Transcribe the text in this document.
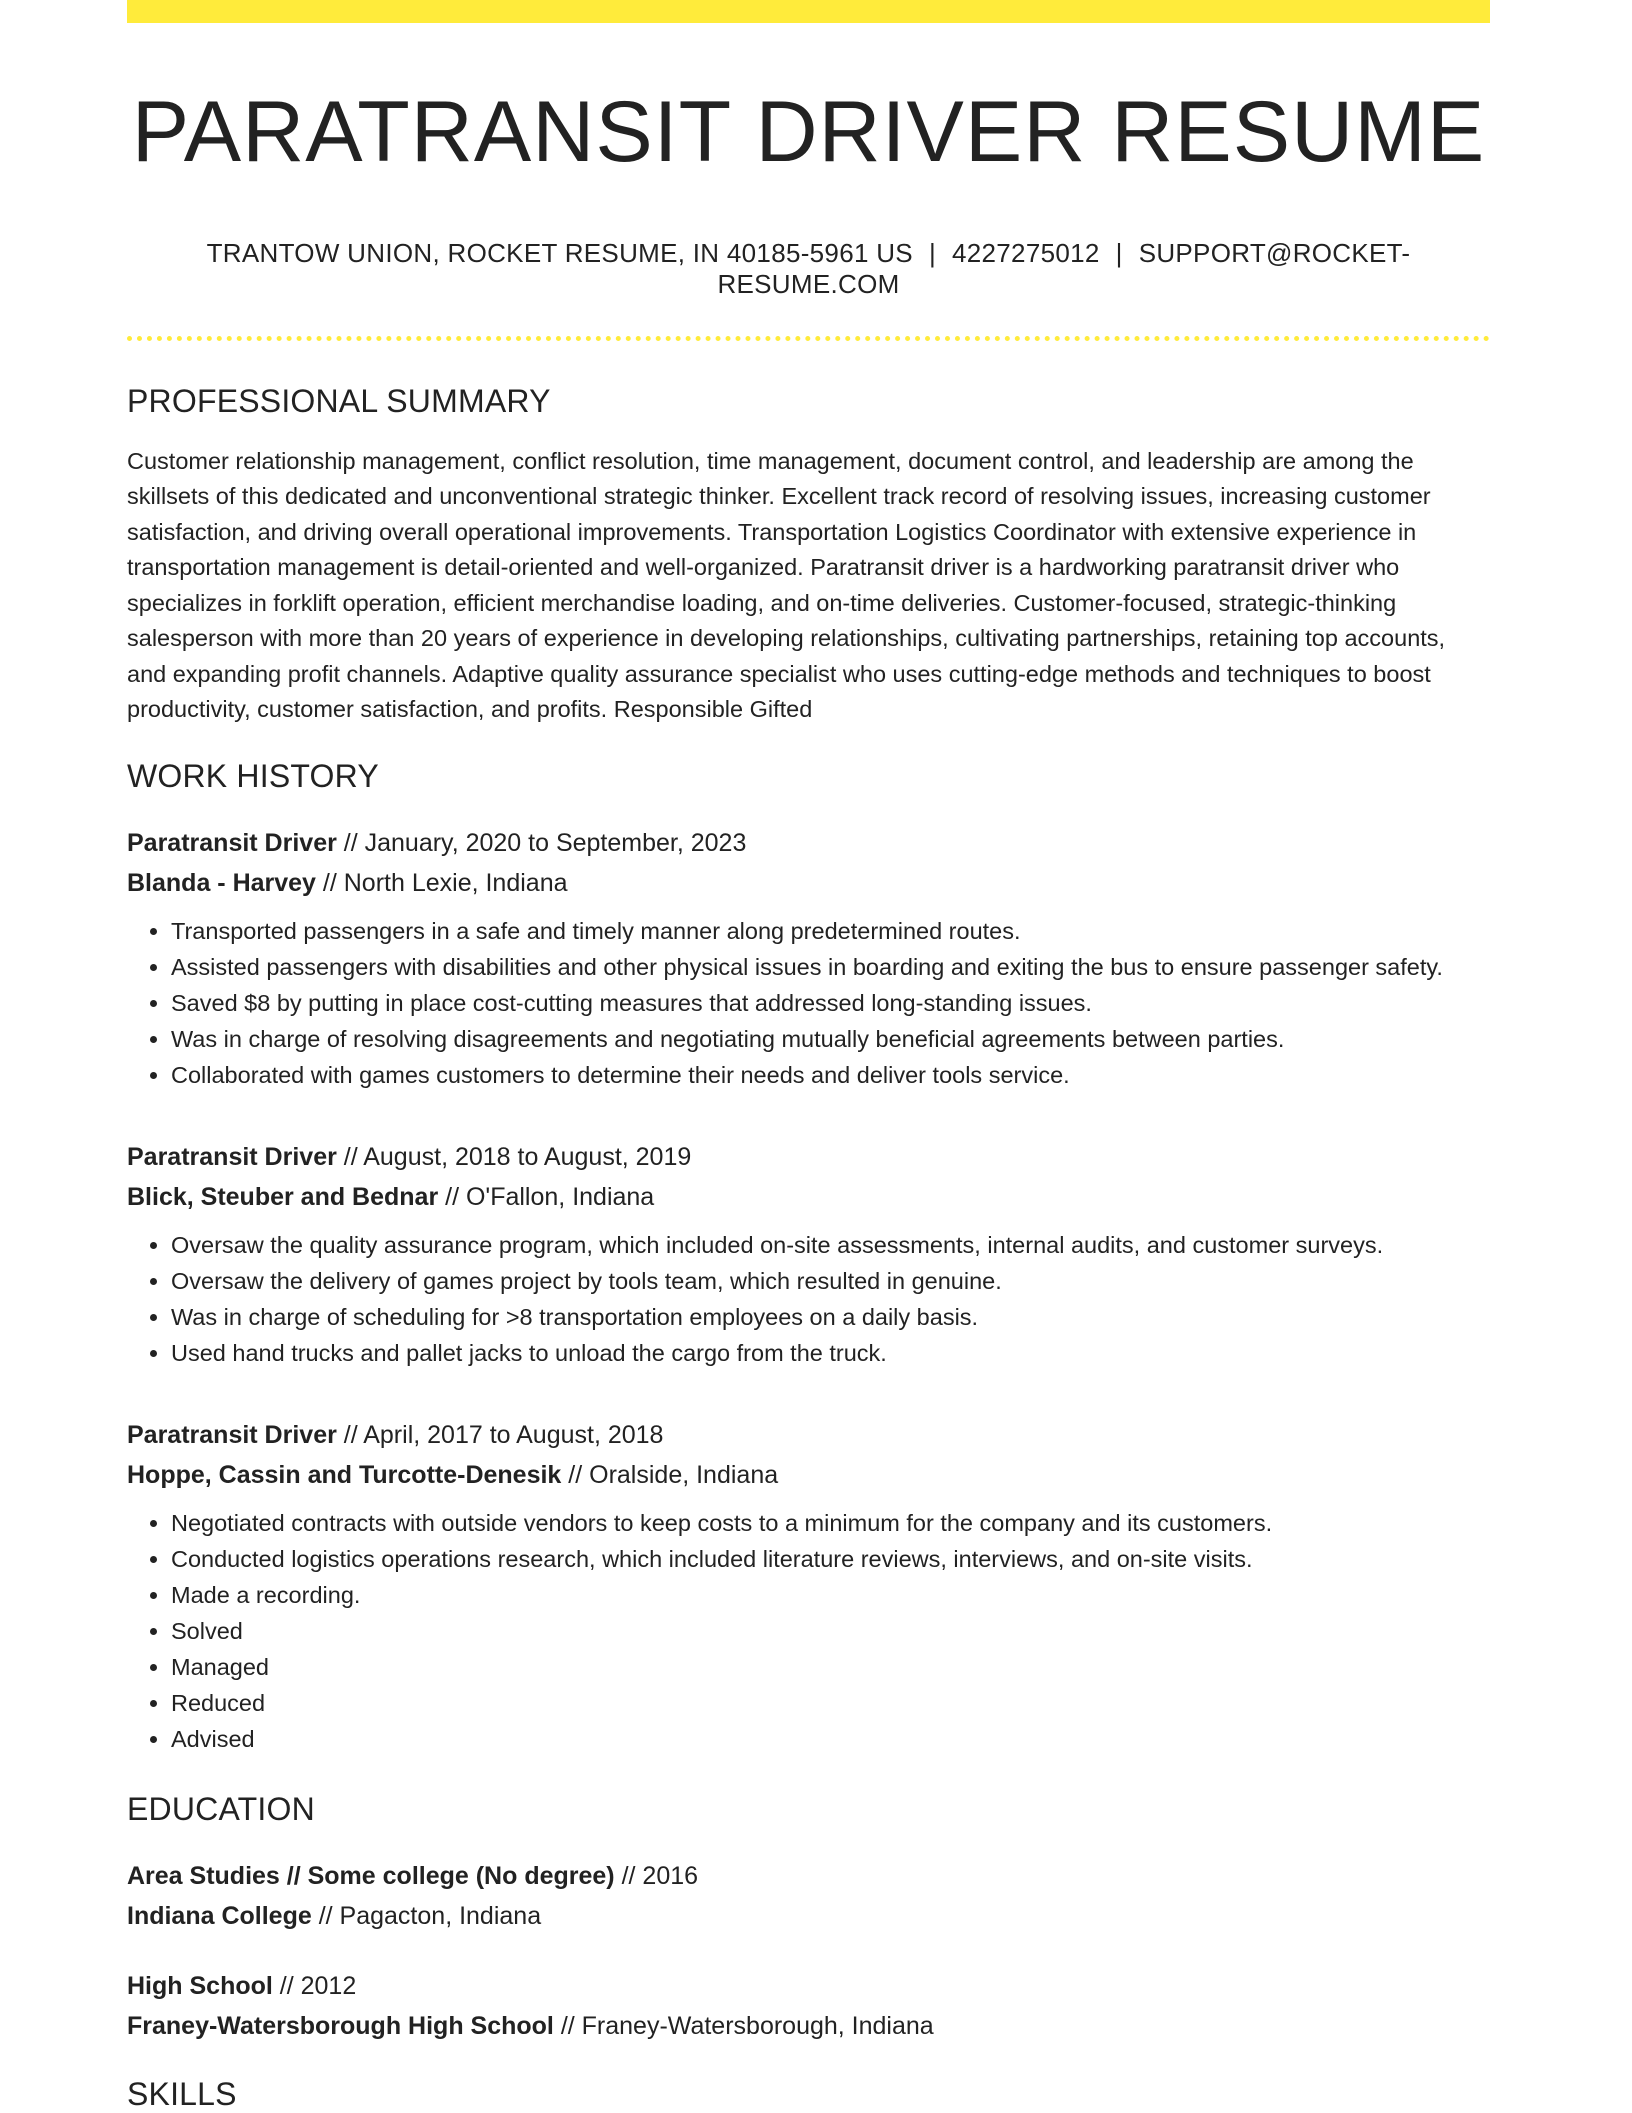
PARATRANSIT DRIVER RESUME
TRANTOW UNION, ROCKET RESUME, IN 40185-5961 US | 4227275012 | SUPPORT@ROCKET-RESUME.COM
PROFESSIONAL SUMMARY

Customer relationship management, conflict resolution, time management, document control, and leadership are among the skillsets of this dedicated and unconventional strategic thinker. Excellent track record of resolving issues, increasing customer satisfaction, and driving overall operational improvements. Transportation Logistics Coordinator with extensive experience in transportation management is detail-oriented and well-organized. Paratransit driver is a hardworking paratransit driver who specializes in forklift operation, efficient merchandise loading, and on-time deliveries. Customer-focused, strategic-thinking salesperson with more than 20 years of experience in developing relationships, cultivating partnerships, retaining top accounts, and expanding profit channels. Adaptive quality assurance specialist who uses cutting-edge methods and techniques to boost productivity, customer satisfaction, and profits. Responsible Gifted

WORK HISTORY
Paratransit Driver // January, 2020 to September, 2023
Blanda - Harvey // North Lexie, Indiana
• Transported passengers in a safe and timely manner along predetermined routes.
• Assisted passengers with disabilities and other physical issues in boarding and exiting the bus to ensure passenger safety.
• Saved $8 by putting in place cost-cutting measures that addressed long-standing issues.
• Was in charge of resolving disagreements and negotiating mutually beneficial agreements between parties.
• Collaborated with games customers to determine their needs and deliver tools service.
Paratransit Driver // August, 2018 to August, 2019
Blick, Steuber and Bednar // O'Fallon, Indiana
• Oversaw the quality assurance program, which included on-site assessments, internal audits, and customer surveys.
• Oversaw the delivery of games project by tools team, which resulted in genuine.
• Was in charge of scheduling for >8 transportation employees on a daily basis.
• Used hand trucks and pallet jacks to unload the cargo from the truck.
Paratransit Driver // April, 2017 to August, 2018
Hoppe, Cassin and Turcotte-Denesik // Oralside, Indiana
• Negotiated contracts with outside vendors to keep costs to a minimum for the company and its customers.
• Conducted logistics operations research, which included literature reviews, interviews, and on-site visits.
• Made a recording.
• Solved
• Managed
• Reduced
• Advised
EDUCATION
Area Studies // Some college (No degree) // 2016
Indiana College // Pagacton, Indiana
High School // 2012
Franey-Watersborough High School // Franey-Watersborough, Indiana
SKILLS
